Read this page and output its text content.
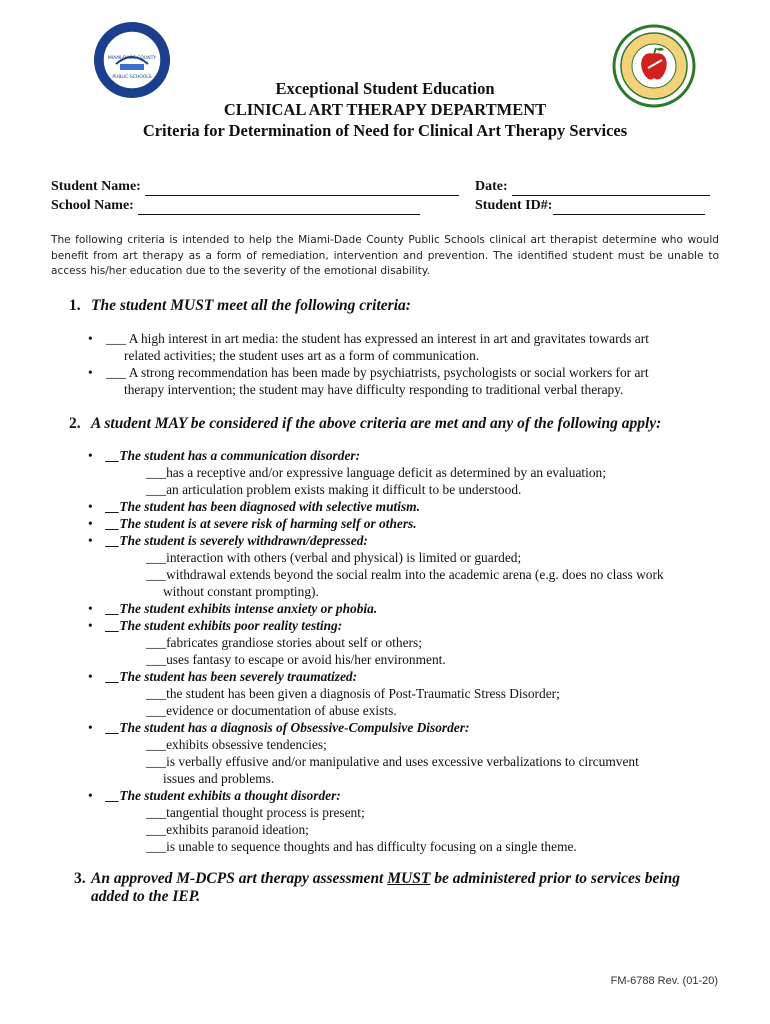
MIAMI-DADE COUNTY
PUBLIC SCHOOLS
Exceptional Student Education
CLINICAL ART THERAPY DEPARTMENT
Criteria for Determination of Need for Clinical Art Therapy Services
Student Name:
School Name:
Date:
Student ID#:
The following criteria is intended to help the Miami-Dade County Public Schools clinical art therapist determine who would benefit from art therapy as a form of remediation, intervention and prevention. The identified student must be unable to access his/her education due to the severity of the emotional disability.
1. The student MUST meet all the following criteria:
• ___ A high interest in art media: the student has expressed an interest in art and gravitates towards art
related activities; the student uses art as a form of communication.
• ___ A strong recommendation has been made by psychiatrists, psychologists or social workers for art
therapy intervention; the student may have difficulty responding to traditional verbal therapy.
2. A student MAY be considered if the above criteria are met and any of the following apply:
• __The student has a communication disorder:
___has a receptive and/or expressive language deficit as determined by an evaluation;
___an articulation problem exists making it difficult to be understood.
• __The student has been diagnosed with selective mutism.
• __The student is at severe risk of harming self or others.
• __The student is severely withdrawn/depressed:
___interaction with others (verbal and physical) is limited or guarded;
___withdrawal extends beyond the social realm into the academic arena (e.g. does no class work
without constant prompting).
• __The student exhibits intense anxiety or phobia.
• __The student exhibits poor reality testing:
___fabricates grandiose stories about self or others;
___uses fantasy to escape or avoid his/her environment.
• __The student has been severely traumatized:
___the student has been given a diagnosis of Post-Traumatic Stress Disorder;
___evidence or documentation of abuse exists.
• __The student has a diagnosis of Obsessive-Compulsive Disorder:
___exhibits obsessive tendencies;
___is verbally effusive and/or manipulative and uses excessive verbalizations to circumvent
issues and problems.
• __The student exhibits a thought disorder:
___tangential thought process is present;
___exhibits paranoid ideation;
___is unable to sequence thoughts and has difficulty focusing on a single theme.
3. An approved M-DCPS art therapy assessment MUST be administered prior to services being
added to the IEP.
FM-6788 Rev. (01-20)
